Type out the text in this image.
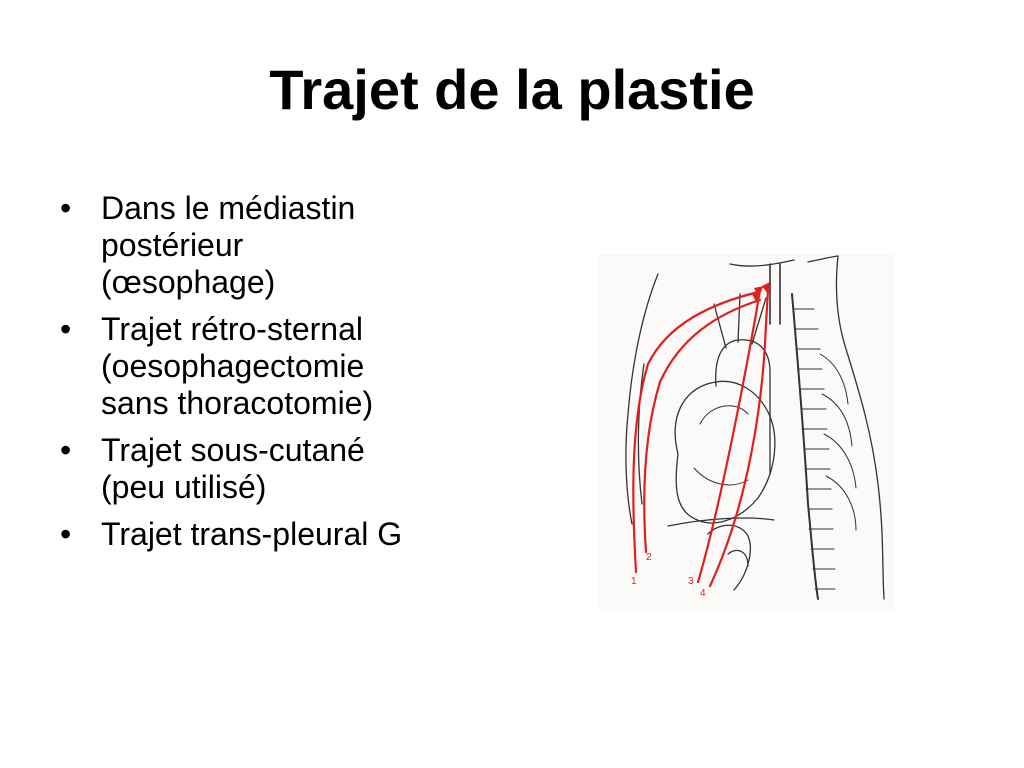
Trajet de la plastie
• Dans le médiastin
postérieur
(œsophage)
• Trajet rétro-sternal
(oesophagectomie
sans thoracotomie)
• Trajet sous-cutané
(peu utilisé)
• Trajet trans-pleural G
1
2
3
4
